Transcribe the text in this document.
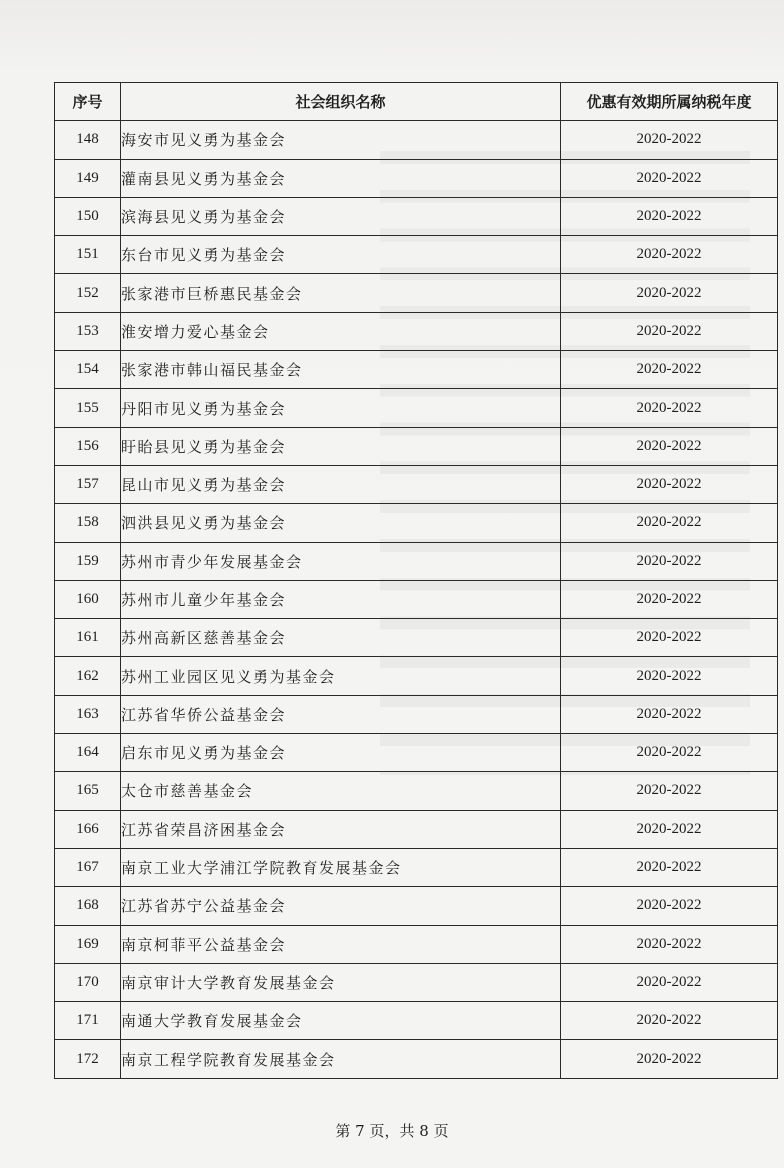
序号	社会组织名称	优惠有效期所属纳税年度
148	海安市见义勇为基金会	2020-2022
149	灌南县见义勇为基金会	2020-2022
150	滨海县见义勇为基金会	2020-2022
151	东台市见义勇为基金会	2020-2022
152	张家港市巨桥惠民基金会	2020-2022
153	淮安增力爱心基金会	2020-2022
154	张家港市韩山福民基金会	2020-2022
155	丹阳市见义勇为基金会	2020-2022
156	盱眙县见义勇为基金会	2020-2022
157	昆山市见义勇为基金会	2020-2022
158	泗洪县见义勇为基金会	2020-2022
159	苏州市青少年发展基金会	2020-2022
160	苏州市儿童少年基金会	2020-2022
161	苏州高新区慈善基金会	2020-2022
162	苏州工业园区见义勇为基金会	2020-2022
163	江苏省华侨公益基金会	2020-2022
164	启东市见义勇为基金会	2020-2022
165	太仓市慈善基金会	2020-2022
166	江苏省荣昌济困基金会	2020-2022
167	南京工业大学浦江学院教育发展基金会	2020-2022
168	江苏省苏宁公益基金会	2020-2022
169	南京柯菲平公益基金会	2020-2022
170	南京审计大学教育发展基金会	2020-2022
171	南通大学教育发展基金会	2020-2022
172	南京工程学院教育发展基金会	2020-2022
第 7 页，共 8 页
